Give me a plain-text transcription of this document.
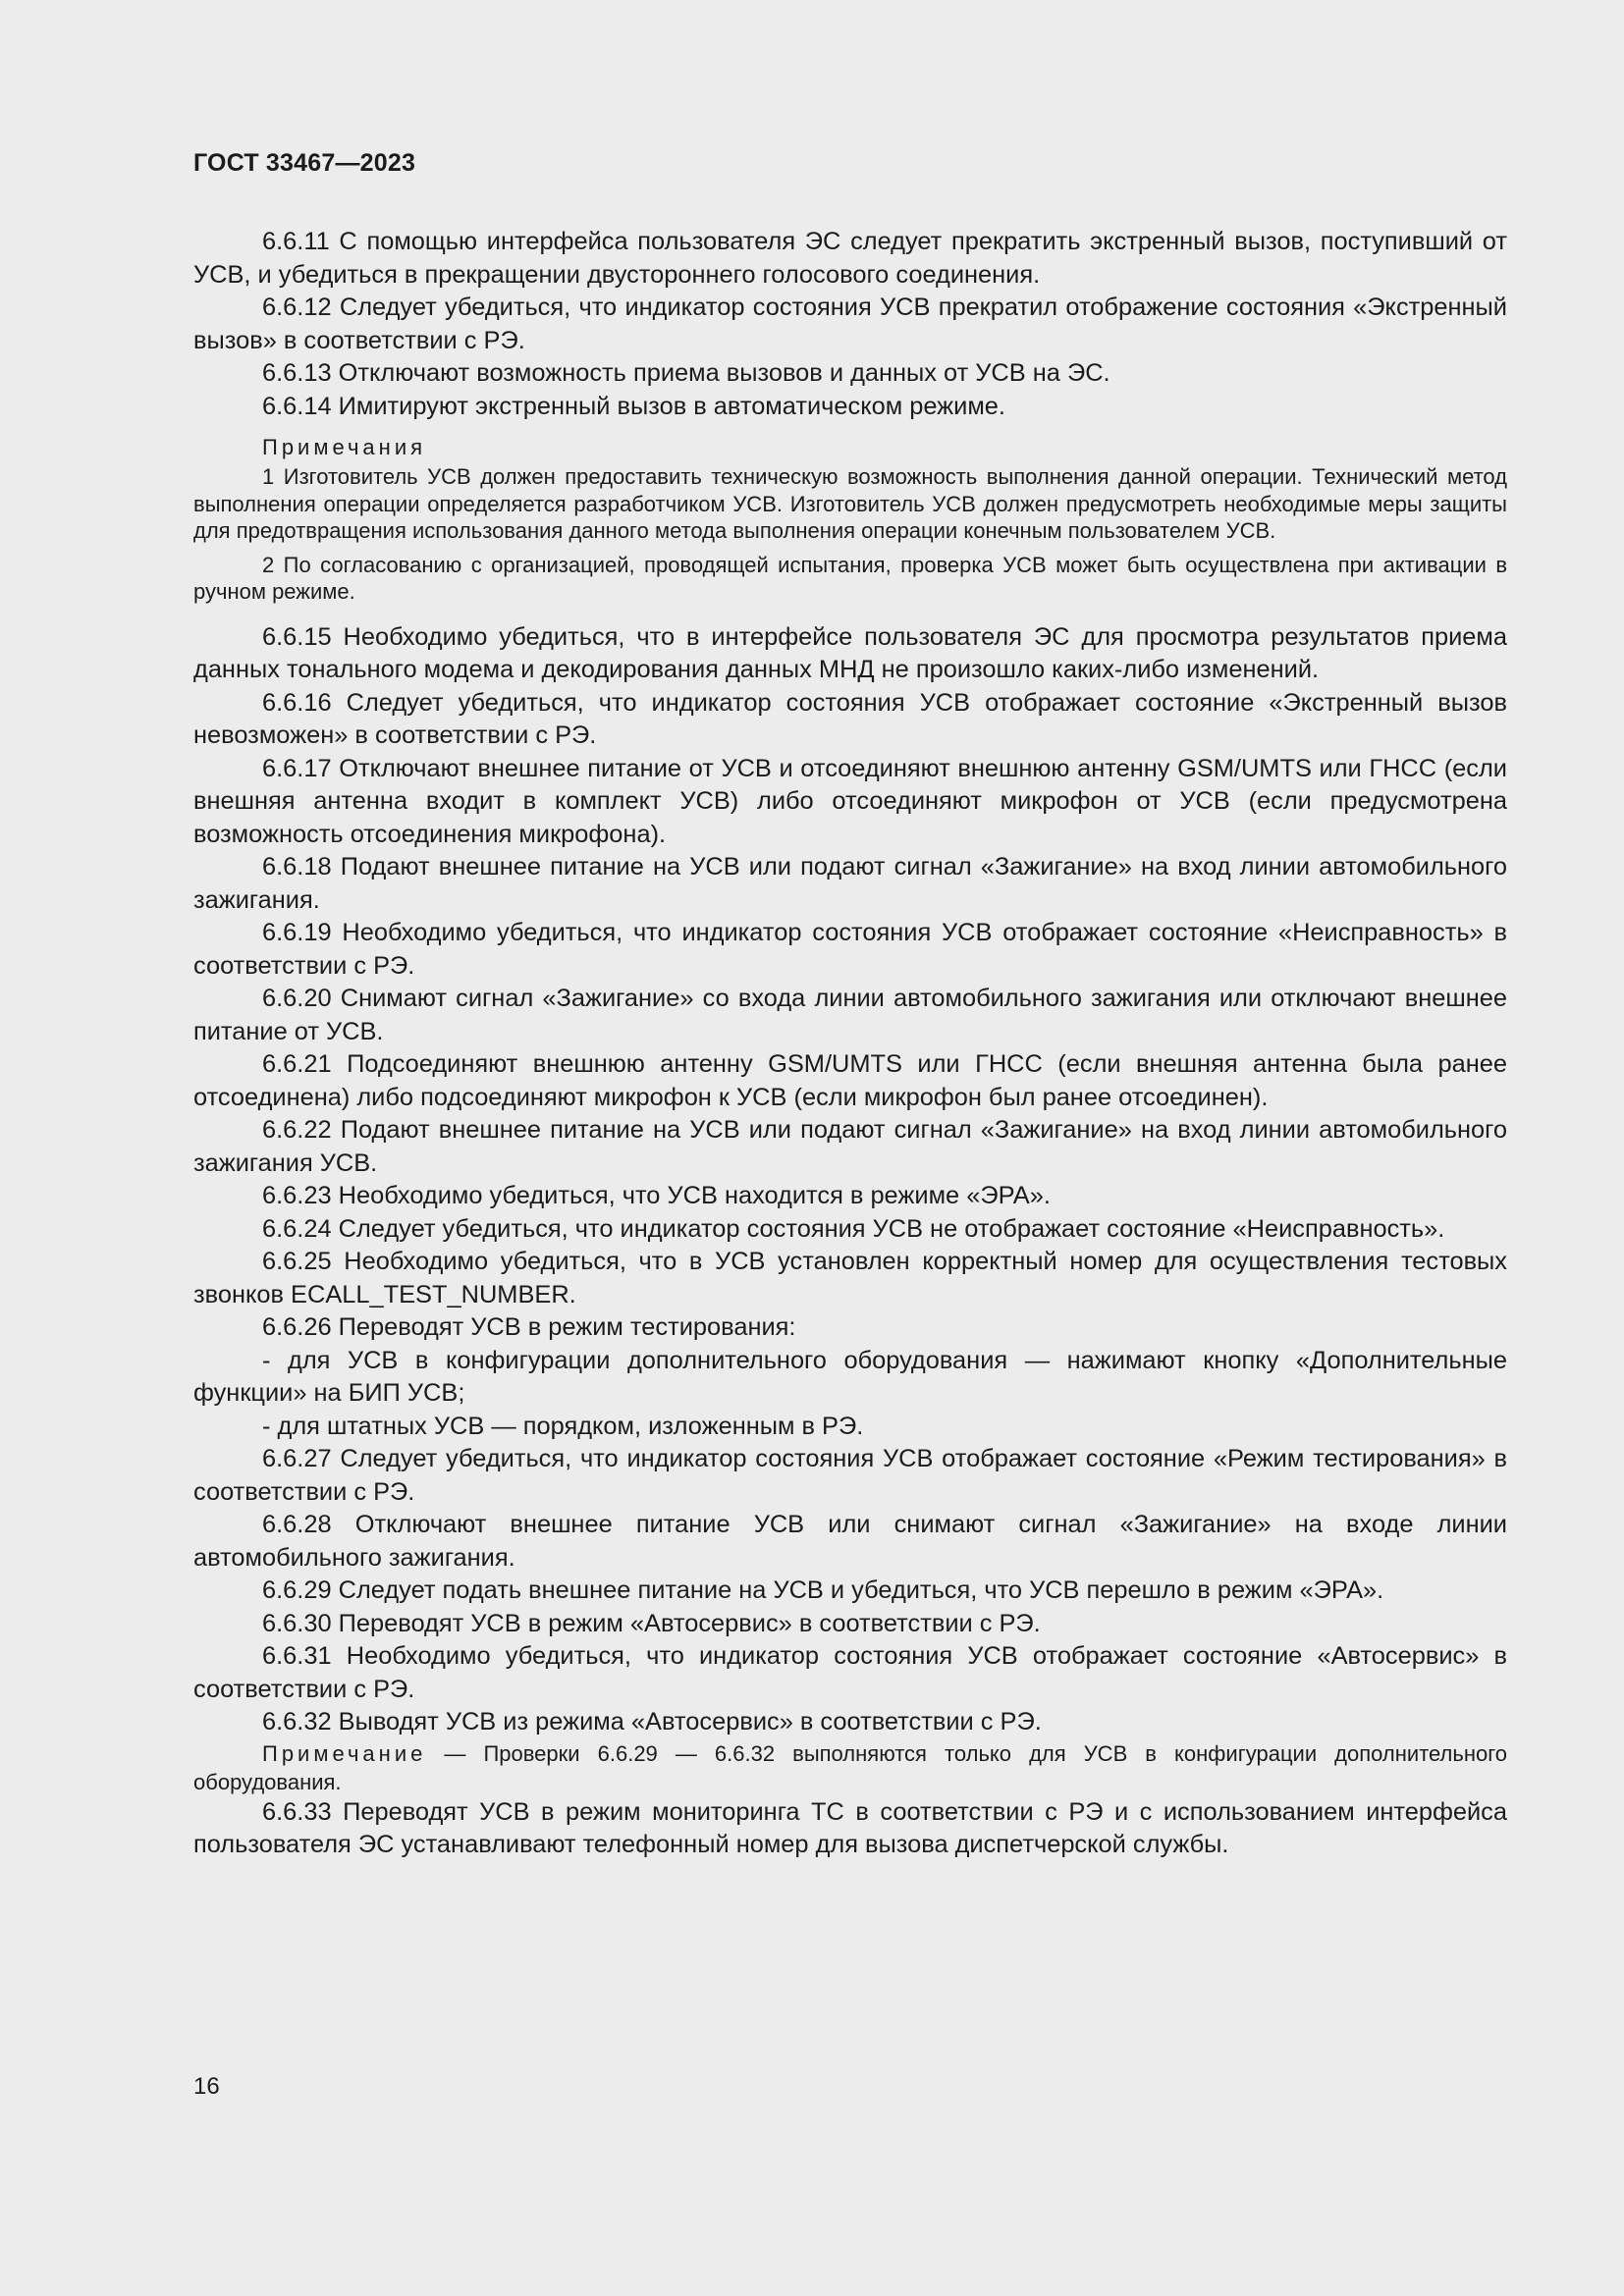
ГОСТ 33467—2023

6.6.11 С помощью интерфейса пользователя ЭС следует прекратить экстренный вызов, поступивший от УСВ, и убедиться в прекращении двустороннего голосового соединения.

6.6.12 Следует убедиться, что индикатор состояния УСВ прекратил отображение состояния «Экстренный вызов» в соответствии с РЭ.

6.6.13 Отключают возможность приема вызовов и данных от УСВ на ЭС.

6.6.14 Имитируют экстренный вызов в автоматическом режиме.

Примечания

1 Изготовитель УСВ должен предоставить техническую возможность выполнения данной операции. Технический метод выполнения операции определяется разработчиком УСВ. Изготовитель УСВ должен предусмотреть необходимые меры защиты для предотвращения использования данного метода выполнения операции конечным пользователем УСВ.

2 По согласованию с организацией, проводящей испытания, проверка УСВ может быть осуществлена при активации в ручном режиме.

6.6.15 Необходимо убедиться, что в интерфейсе пользователя ЭС для просмотра результатов приема данных тонального модема и декодирования данных МНД не произошло каких-либо изменений.

6.6.16 Следует убедиться, что индикатор состояния УСВ отображает состояние «Экстренный вызов невозможен» в соответствии с РЭ.

6.6.17 Отключают внешнее питание от УСВ и отсоединяют внешнюю антенну GSM/UMTS или ГНСС (если внешняя антенна входит в комплект УСВ) либо отсоединяют микрофон от УСВ (если предусмотрена возможность отсоединения микрофона).

6.6.18 Подают внешнее питание на УСВ или подают сигнал «Зажигание» на вход линии автомобильного зажигания.

6.6.19 Необходимо убедиться, что индикатор состояния УСВ отображает состояние «Неисправность» в соответствии с РЭ.

6.6.20 Снимают сигнал «Зажигание» со входа линии автомобильного зажигания или отключают внешнее питание от УСВ.

6.6.21 Подсоединяют внешнюю антенну GSM/UMTS или ГНСС (если внешняя антенна была ранее отсоединена) либо подсоединяют микрофон к УСВ (если микрофон был ранее отсоединен).

6.6.22 Подают внешнее питание на УСВ или подают сигнал «Зажигание» на вход линии автомобильного зажигания УСВ.

6.6.23 Необходимо убедиться, что УСВ находится в режиме «ЭРА».

6.6.24 Следует убедиться, что индикатор состояния УСВ не отображает состояние «Неисправность».

6.6.25 Необходимо убедиться, что в УСВ установлен корректный номер для осуществления тестовых звонков ECALL_TEST_NUMBER.

6.6.26 Переводят УСВ в режим тестирования:

- для УСВ в конфигурации дополнительного оборудования — нажимают кнопку «Дополнительные функции» на БИП УСВ;

- для штатных УСВ — порядком, изложенным в РЭ.

6.6.27 Следует убедиться, что индикатор состояния УСВ отображает состояние «Режим тестирования» в соответствии с РЭ.

6.6.28 Отключают внешнее питание УСВ или снимают сигнал «Зажигание» на входе линии автомобильного зажигания.

6.6.29 Следует подать внешнее питание на УСВ и убедиться, что УСВ перешло в режим «ЭРА».

6.6.30 Переводят УСВ в режим «Автосервис» в соответствии с РЭ.

6.6.31 Необходимо убедиться, что индикатор состояния УСВ отображает состояние «Автосервис» в соответствии с РЭ.

6.6.32 Выводят УСВ из режима «Автосервис» в соответствии с РЭ.

Примечание — Проверки 6.6.29 — 6.6.32 выполняются только для УСВ в конфигурации дополнительного оборудования.

6.6.33 Переводят УСВ в режим мониторинга ТС в соответствии с РЭ и с использованием интерфейса пользователя ЭС устанавливают телефонный номер для вызова диспетчерской службы.

16
